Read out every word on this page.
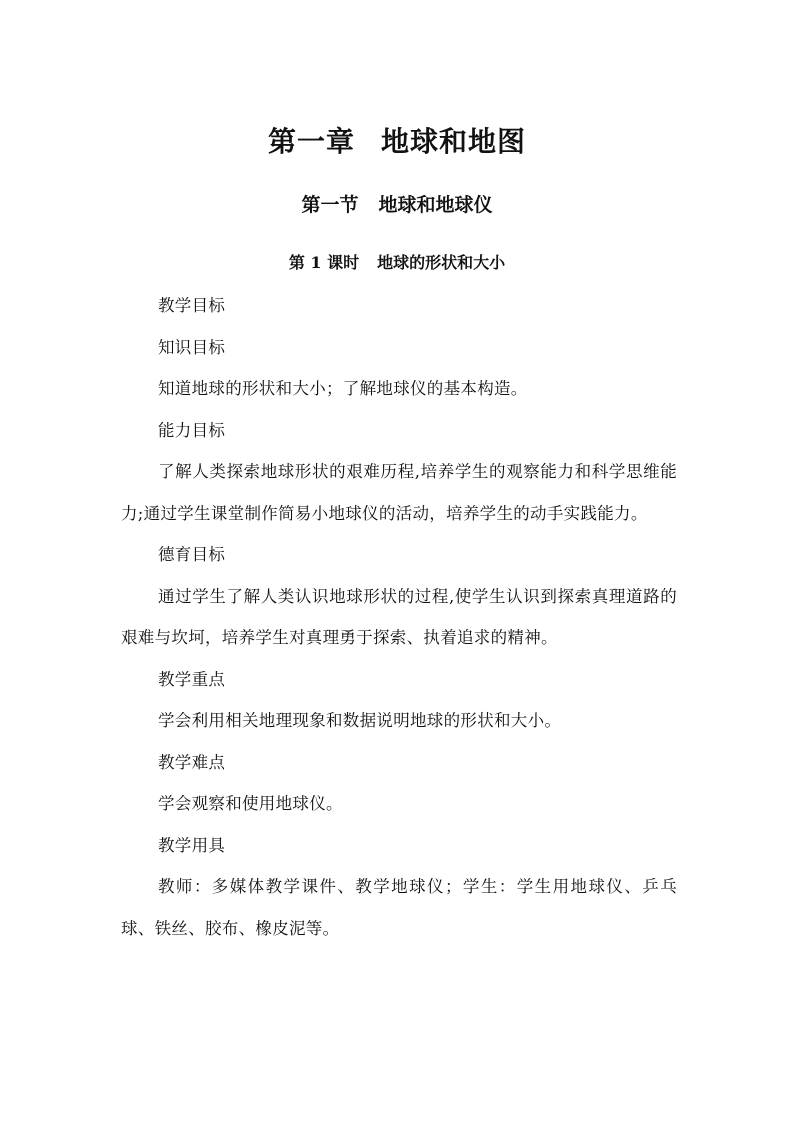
第一章 地球和地图
第一节 地球和地球仪
第 1 课时 地球的形状和大小

教学目标

知识目标

知道地球的形状和大小；了解地球仪的基本构造。

能力目标

了解人类探索地球形状的艰难历程,培养学生的观察能力和科学思维能力;通过学生课堂制作简易小地球仪的活动，培养学生的动手实践能力。

德育目标

通过学生了解人类认识地球形状的过程,使学生认识到探索真理道路的艰难与坎坷，培养学生对真理勇于探索、执着追求的精神。

教学重点

学会利用相关地理现象和数据说明地球的形状和大小。

教学难点

学会观察和使用地球仪。

教学用具

教师：多媒体教学课件、教学地球仪；学生：学生用地球仪、乒乓球、铁丝、胶布、橡皮泥等。
